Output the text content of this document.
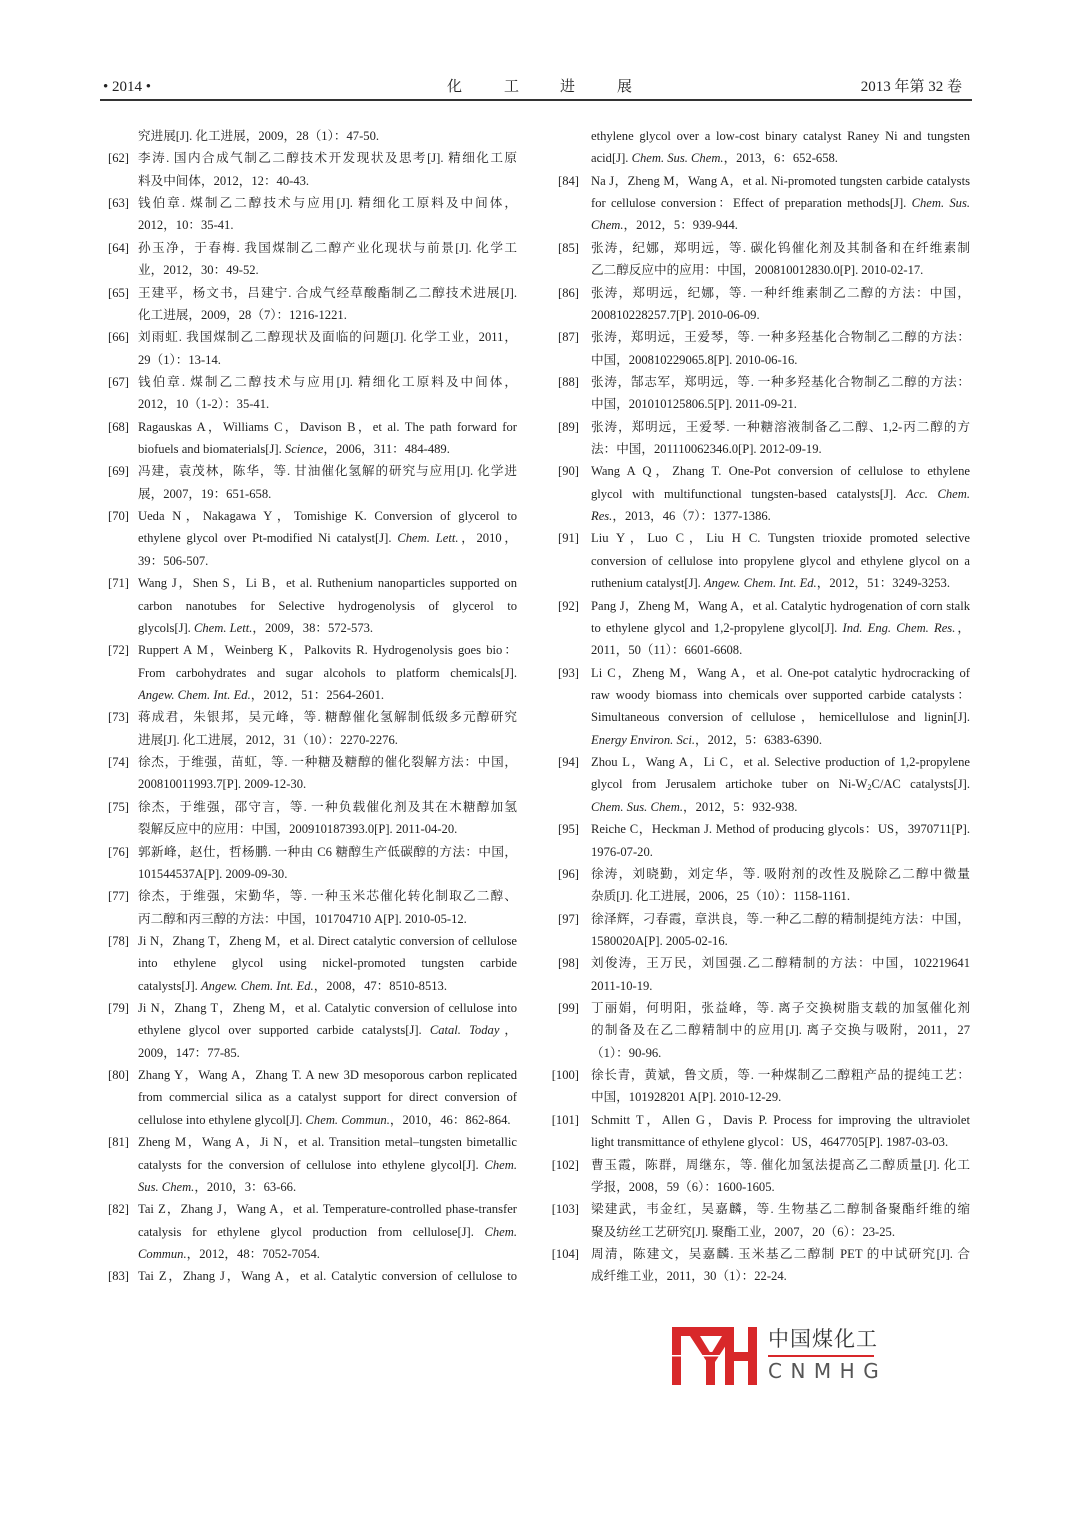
• 2014 •	化	工	进	展	2013 年第 32 卷
究进展[J]. 化工进展，2009，28（1）：47-50.
[62] 李涛. 国内合成气制乙二醇技术开发现状及思考[J]. 精细化工原
料及中间体，2012，12：40-43.
[63] 钱伯章. 煤制乙二醇技术与应用[J]. 精细化工原料及中间体，
2012，10：35-41.
[64] 孙玉净，于春梅. 我国煤制乙二醇产业化现状与前景[J]. 化学工
业，2012，30：49-52.
[65] 王建平，杨文书，吕建宁. 合成气经草酸酯制乙二醇技术进展[J].
化工进展，2009，28（7）：1216-1221.
[66] 刘雨虹. 我国煤制乙二醇现状及面临的问题[J]. 化学工业，2011，
29（1）：13-14.
[67] 钱伯章. 煤制乙二醇技术与应用[J]. 精细化工原料及中间体，
2012，10（1-2）：35-41.
[68] Ragauskas A，Williams C，Davison B，et al. The path forward for
biofuels and biomaterials[J]. Science，2006，311：484-489.
[69] 冯建，袁茂林，陈华，等. 甘油催化氢解的研究与应用[J]. 化学进
展，2007，19：651-658.
[70] Ueda N，Nakagawa Y，Tomishige K. Conversion of glycerol to
ethylene glycol over Pt-modified Ni catalyst[J]. Chem. Lett.，2010，
39：506-507.
[71] Wang J，Shen S，Li B，et al. Ruthenium nanoparticles supported on
carbon nanotubes for Selective hydrogenolysis of glycerol to
glycols[J]. Chem. Lett.，2009，38：572-573.
[72] Ruppert A M，Weinberg K，Palkovits R. Hydrogenolysis goes bio：
From carbohydrates and sugar alcohols to platform chemicals[J].
Angew. Chem. Int. Ed.，2012，51：2564-2601.
[73] 蒋成君，朱银邦，吴元峰，等. 糖醇催化氢解制低级多元醇研究
进展[J]. 化工进展，2012，31（10）：2270-2276.
[74] 徐杰，于维强，苗虹，等. 一种糖及糖醇的催化裂解方法：中国，
200810011993.7[P]. 2009-12-30.
[75] 徐杰，于维强，邵守言，等. 一种负载催化剂及其在木糖醇加氢
裂解反应中的应用：中国，200910187393.0[P]. 2011-04-20.
[76] 郭新峰，赵仕，哲杨鹏. 一种由 C6 糖醇生产低碳醇的方法：中国，
101544537A[P]. 2009-09-30.
[77] 徐杰，于维强，宋勤华，等. 一种玉米芯催化转化制取乙二醇、
丙二醇和丙三醇的方法：中国，101704710 A[P]. 2010-05-12.
[78] Ji N，Zhang T，Zheng M，et al. Direct catalytic conversion of cellulose
into ethylene glycol using nickel-promoted tungsten carbide
catalysts[J]. Angew. Chem. Int. Ed.，2008，47：8510-8513.
[79] Ji N，Zhang T，Zheng M，et al. Catalytic conversion of cellulose into
ethylene glycol over supported carbide catalysts[J]. Catal. Today，
2009，147：77-85.
[80] Zhang Y，Wang A，Zhang T. A new 3D mesoporous carbon replicated
from commercial silica as a catalyst support for direct conversion of
cellulose into ethylene glycol[J]. Chem. Commun.，2010，46：862-864.
[81] Zheng M，Wang A，Ji N，et al. Transition metal–tungsten bimetallic
catalysts for the conversion of cellulose into ethylene glycol[J]. Chem.
Sus. Chem.，2010，3：63-66.
[82] Tai Z，Zhang J，Wang A，et al. Temperature-controlled phase-transfer
catalysis for ethylene glycol production from cellulose[J]. Chem.
Commun.，2012，48：7052-7054.
[83] Tai Z，Zhang J，Wang A，et al. Catalytic conversion of cellulose to
ethylene glycol over a low-cost binary catalyst Raney Ni and tungsten
acid[J]. Chem. Sus. Chem.，2013，6：652-658.
[84] Na J，Zheng M，Wang A，et al. Ni-promoted tungsten carbide catalysts
for cellulose conversion：Effect of preparation methods[J]. Chem. Sus.
Chem.，2012，5：939-944.
[85] 张涛，纪娜，郑明远，等. 碳化钨催化剂及其制备和在纤维素制
乙二醇反应中的应用：中国，200810012830.0[P]. 2010-02-17.
[86] 张涛，郑明远，纪娜，等. 一种纤维素制乙二醇的方法：中国，
200810228257.7[P]. 2010-06-09.
[87] 张涛，郑明远，王爱琴，等. 一种多羟基化合物制乙二醇的方法：
中国，200810229065.8[P]. 2010-06-16.
[88] 张涛，郜志军，郑明远，等. 一种多羟基化合物制乙二醇的方法：
中国，201010125806.5[P]. 2011-09-21.
[89] 张涛，郑明远，王爱琴. 一种糖溶液制备乙二醇、1,2-丙二醇的方
法：中国，201110062346.0[P]. 2012-09-19.
[90] Wang A Q，Zhang T. One-Pot conversion of cellulose to ethylene
glycol with multifunctional tungsten-based catalysts[J]. Acc. Chem.
Res.，2013，46（7）：1377-1386.
[91] Liu Y，Luo C，Liu H C. Tungsten trioxide promoted selective
conversion of cellulose into propylene glycol and ethylene glycol on a
ruthenium catalyst[J]. Angew. Chem. Int. Ed.，2012，51：3249-3253.
[92] Pang J，Zheng M，Wang A，et al. Catalytic hydrogenation of corn stalk
to ethylene glycol and 1,2-propylene glycol[J]. Ind. Eng. Chem. Res.，
2011，50（11）：6601-6608.
[93] Li C，Zheng M，Wang A，et al. One-pot catalytic hydrocracking of
raw woody biomass into chemicals over supported carbide catalysts：
Simultaneous conversion of cellulose，hemicellulose and lignin[J].
Energy Environ. Sci.，2012，5：6383-6390.
[94] Zhou L，Wang A，Li C，et al. Selective production of 1,2-propylene
glycol from Jerusalem artichoke tuber on $Ni-W_2C/AC$ catalysts[J].
Chem. Sus. Chem.，2012，5：932-938.
[95] Reiche C，Heckman J. Method of producing glycols：US，3970711[P].
1976-07-20.
[96] 徐涛，刘晓勤，刘定华，等. 吸附剂的改性及脱除乙二醇中微量
杂质[J]. 化工进展，2006，25（10）：1158-1161.
[97] 徐泽辉，刁春霞，章洪良，等.一种乙二醇的精制提纯方法：中国，
1580020A[P]. 2005-02-16.
[98] 刘俊涛，王万民，刘国强.乙二醇精制的方法：中国，102219641
2011-10-19.
[99] 丁丽娟，何明阳，张益峰，等. 离子交换树脂支载的加氢催化剂
的制备及在乙二醇精制中的应用[J]. 离子交换与吸附，2011，27
（1）：90-96.
[100] 徐长青，黄斌，鲁文质，等. 一种煤制乙二醇粗产品的提纯工艺：
中国，101928201 A[P]. 2010-12-29.
[101] Schmitt T，Allen G，Davis P. Process for improving the ultraviolet
light transmittance of ethylene glycol：US，4647705[P]. 1987-03-03.
[102] 曹玉霞，陈群，周继东，等. 催化加氢法提高乙二醇质量[J]. 化工
学报，2008，59（6）：1600-1605.
[103] 梁建武，韦金红，吴嘉麟，等. 生物基乙二醇制备聚酯纤维的缩
聚及纺丝工艺研究[J]. 聚酯工业，2007，20（6）：23-25.
[104] 周清，陈建文，吴嘉麟. 玉米基乙二醇制 PET 的中试研究[J]. 合
成纤维工业，2011，30（1）：22-24.
中国煤化工
CNMHG
